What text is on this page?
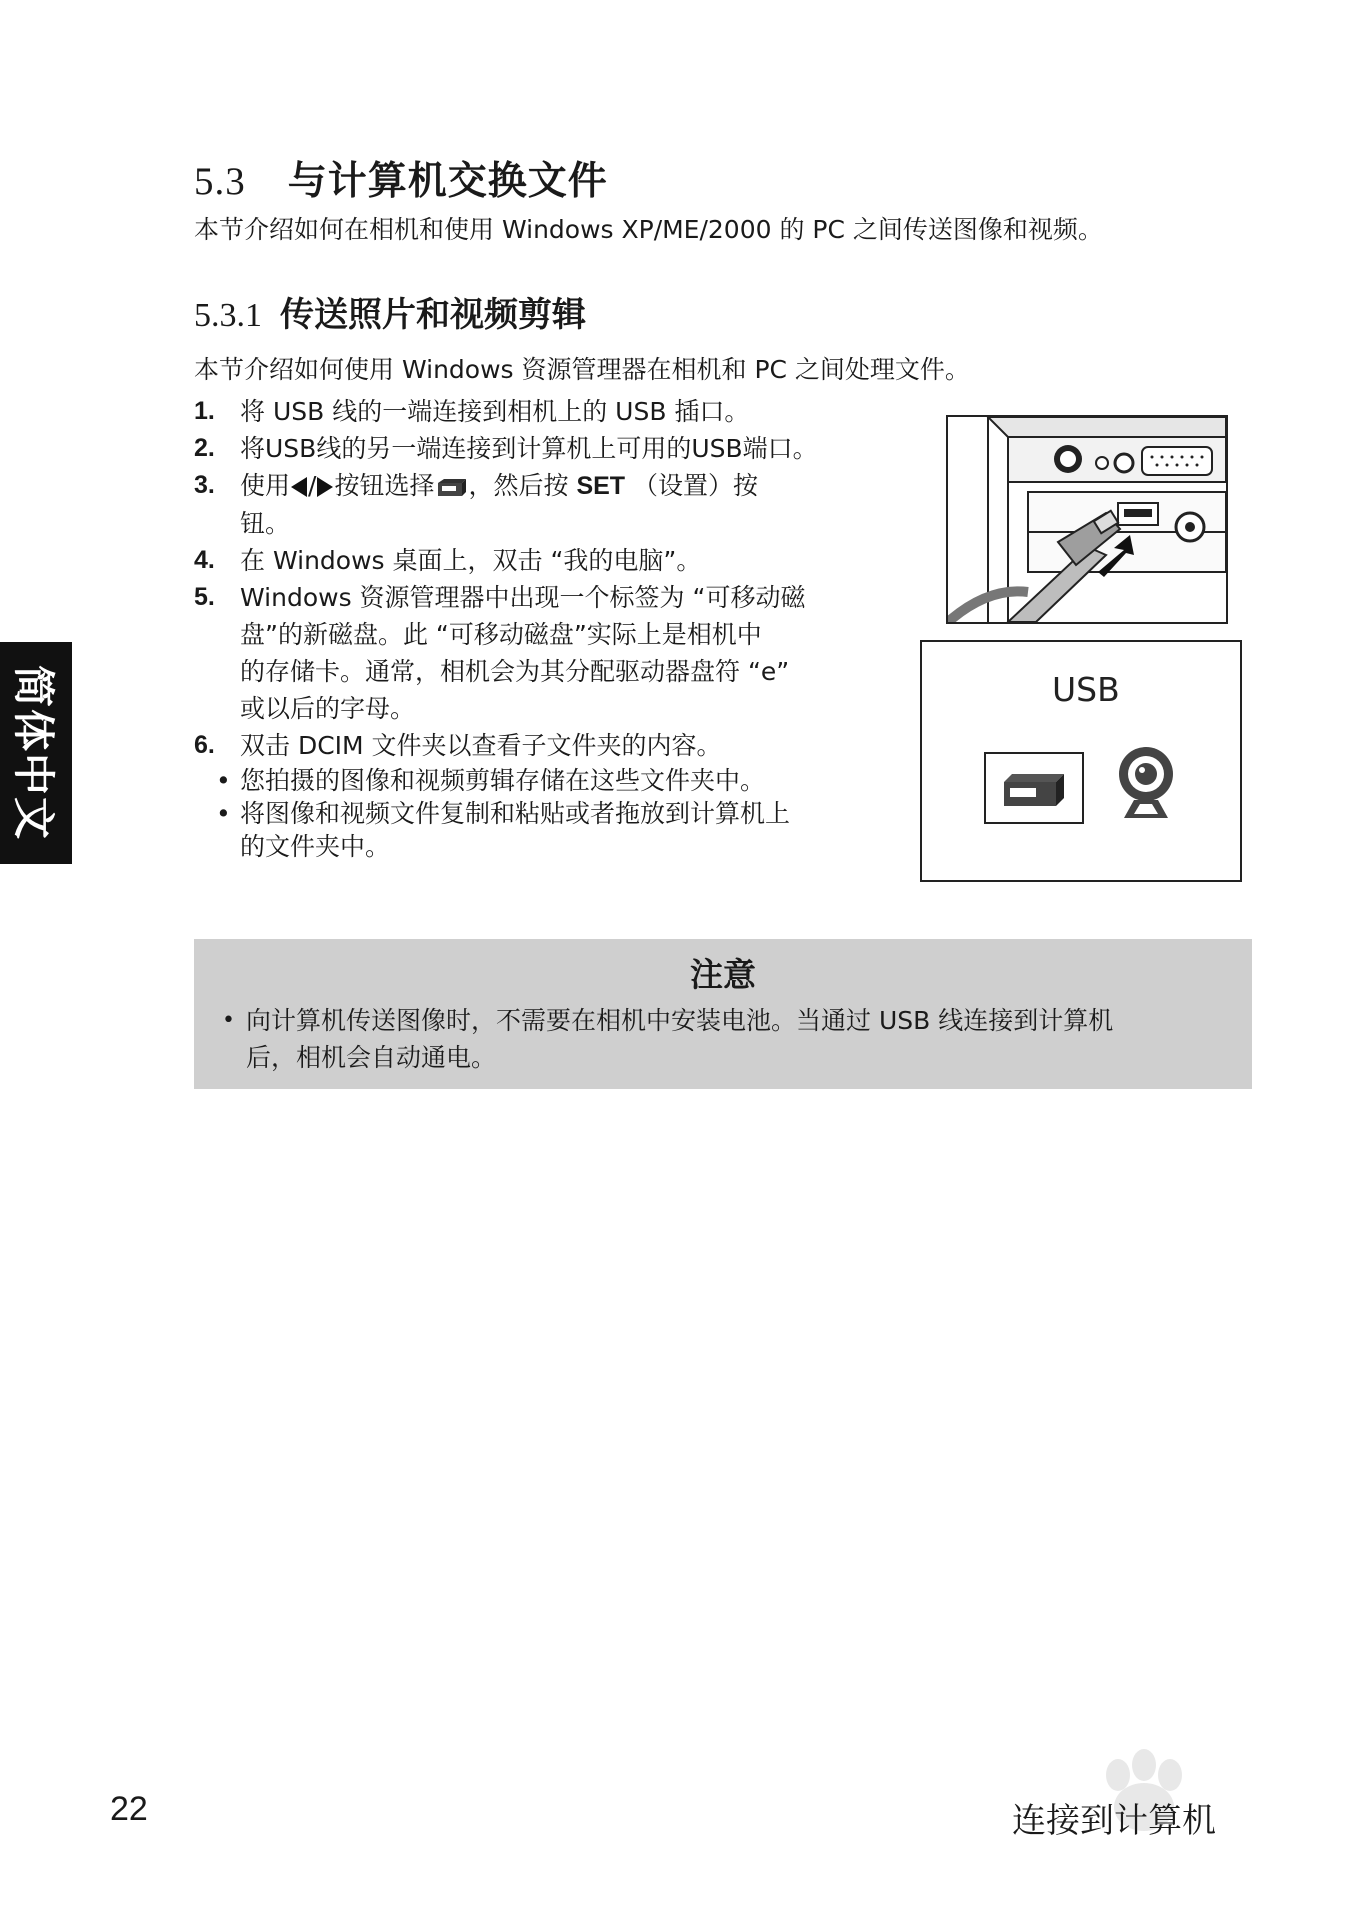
5.3 与计算机交换文件
本节介绍如何在相机和使用 Windows XP/ME/2000 的 PC 之间传送图像和视频。
5.3.1 传送照片和视频剪辑
本节介绍如何使用 Windows 资源管理器在相机和 PC 之间处理文件。
1. 将 USB 线的一端连接到相机上的 USB 插口。
2. 将USB线的另一端连接到计算机上可用的USB端口。
3. 使用 / 按钮选择 ，然后按 SET （设置）按
钮。
4. 在 Windows 桌面上，双击 “我的电脑”。
5. Windows 资源管理器中出现一个标签为 “可移动磁
盘”的新磁盘。此 “可移动磁盘”实际上是相机中
的存储卡。通常，相机会为其分配驱动器盘符 “e”
或以后的字母。
6. 双击 DCIM 文件夹以查看子文件夹的内容。
• 您拍摄的图像和视频剪辑存储在这些文件夹中。
• 将图像和视频文件复制和粘贴或者拖放到计算机上
的文件夹中。
USB
注意
• 向计算机传送图像时，不需要在相机中安装电池。当通过 USB 线连接到计算机
后，相机会自动通电。
简体中文
22	连接到计算机
